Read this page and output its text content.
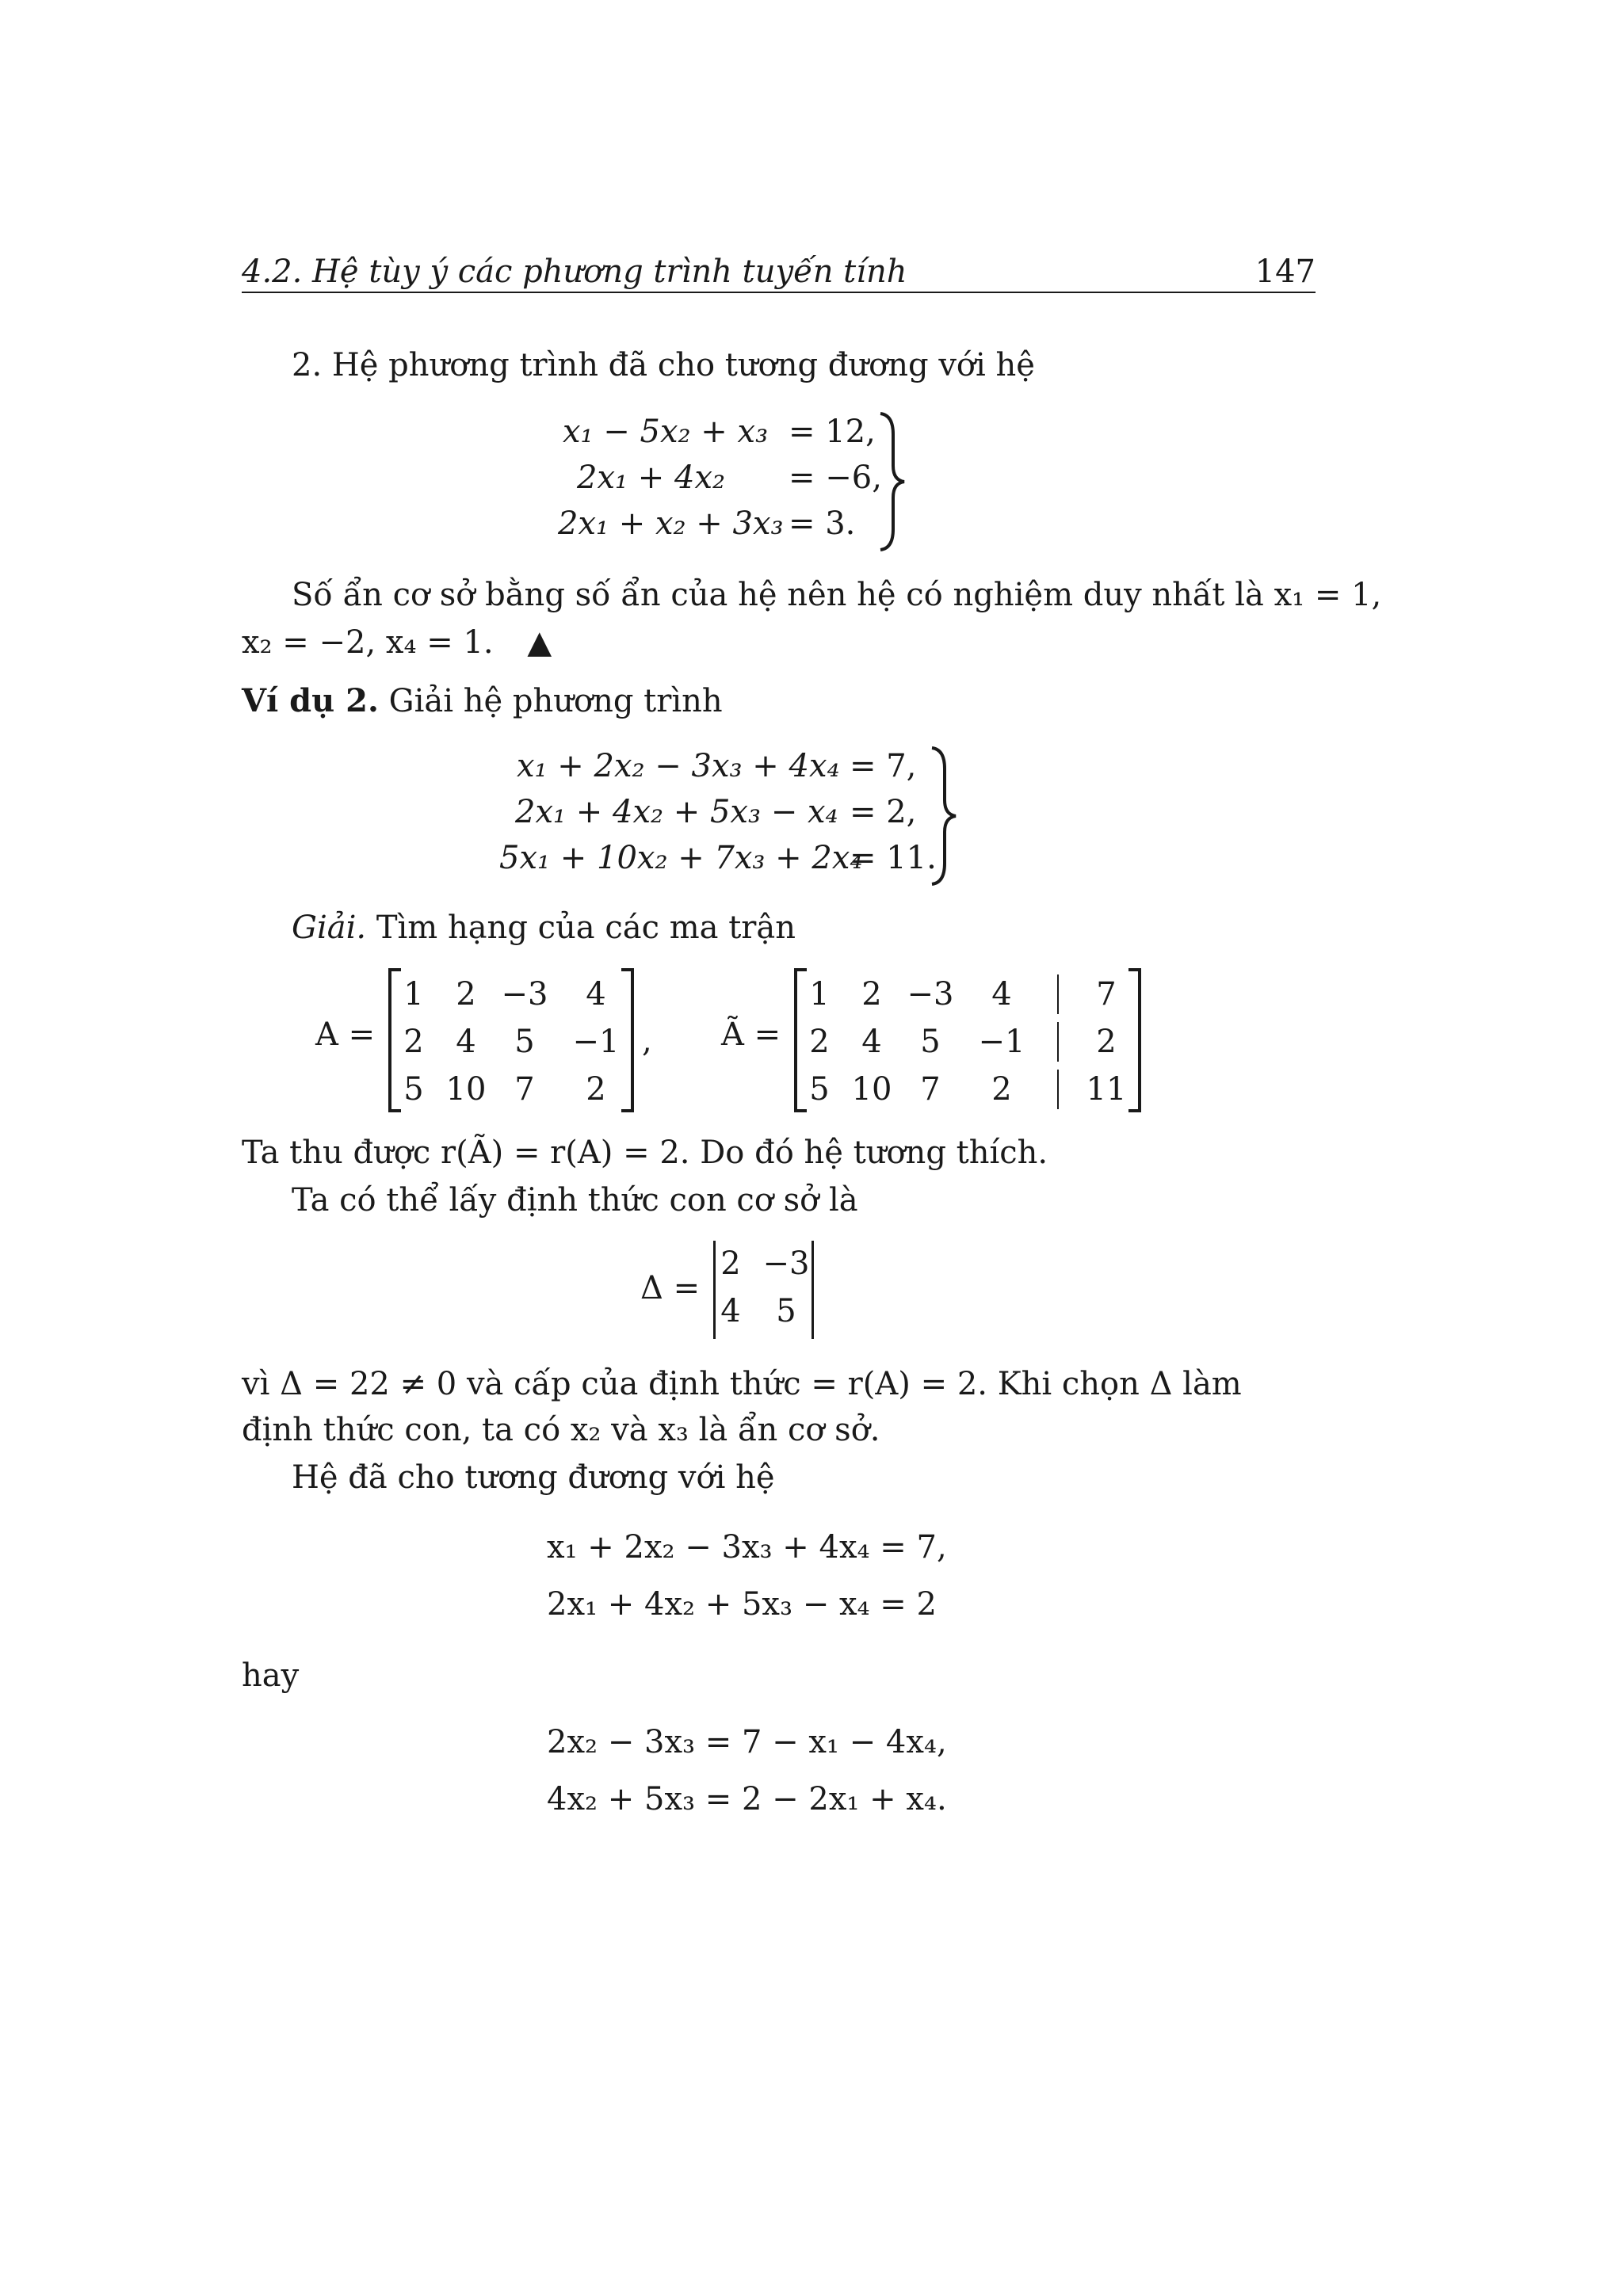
4.2. Hệ tùy ý các phương trình tuyến tính	147
2. Hệ phương trình đã cho tương đương với hệ
x₁ − 5x₂ + x₃ = 12,
2x₁ + 4x₂ = −6,
2x₁ + x₂ + 3x₃ = 3.
Số ẩn cơ sở bằng số ẩn của hệ nên hệ có nghiệm duy nhất là x₁ = 1,
x₂ = −2, x₄ = 1. ▲
Ví dụ 2. Giải hệ phương trình
x₁ + 2x₂ − 3x₃ + 4x₄ = 7,
2x₁ + 4x₂ + 5x₃ − x₄ = 2,
5x₁ + 10x₂ + 7x₃ + 2x₄
= 11.
Giải. Tìm hạng của các ma trận
A =
1	2 −3	4
2	4	5	−1
5 10 7	2
, Ã =
1	2 −3	4	7
2	4	5	−1	2
5 10 7	2	11
Ta thu được r(Ã) = r(A) = 2. Do đó hệ tương thích.
Ta có thể lấy định thức con cơ sở là
Δ =
2 −3
4	5
vì Δ = 22 ≠ 0 và cấp của định thức = r(A) = 2. Khi chọn Δ làm
định thức con, ta có x₂ và x₃ là ẩn cơ sở.
Hệ đã cho tương đương với hệ
x₁ + 2x₂ − 3x₃ + 4x₄ = 7,
2x₁ + 4x₂ + 5x₃ − x₄ = 2
hay
2x₂ − 3x₃ = 7 − x₁ − 4x₄,
4x₂ + 5x₃ = 2 − 2x₁ + x₄.
